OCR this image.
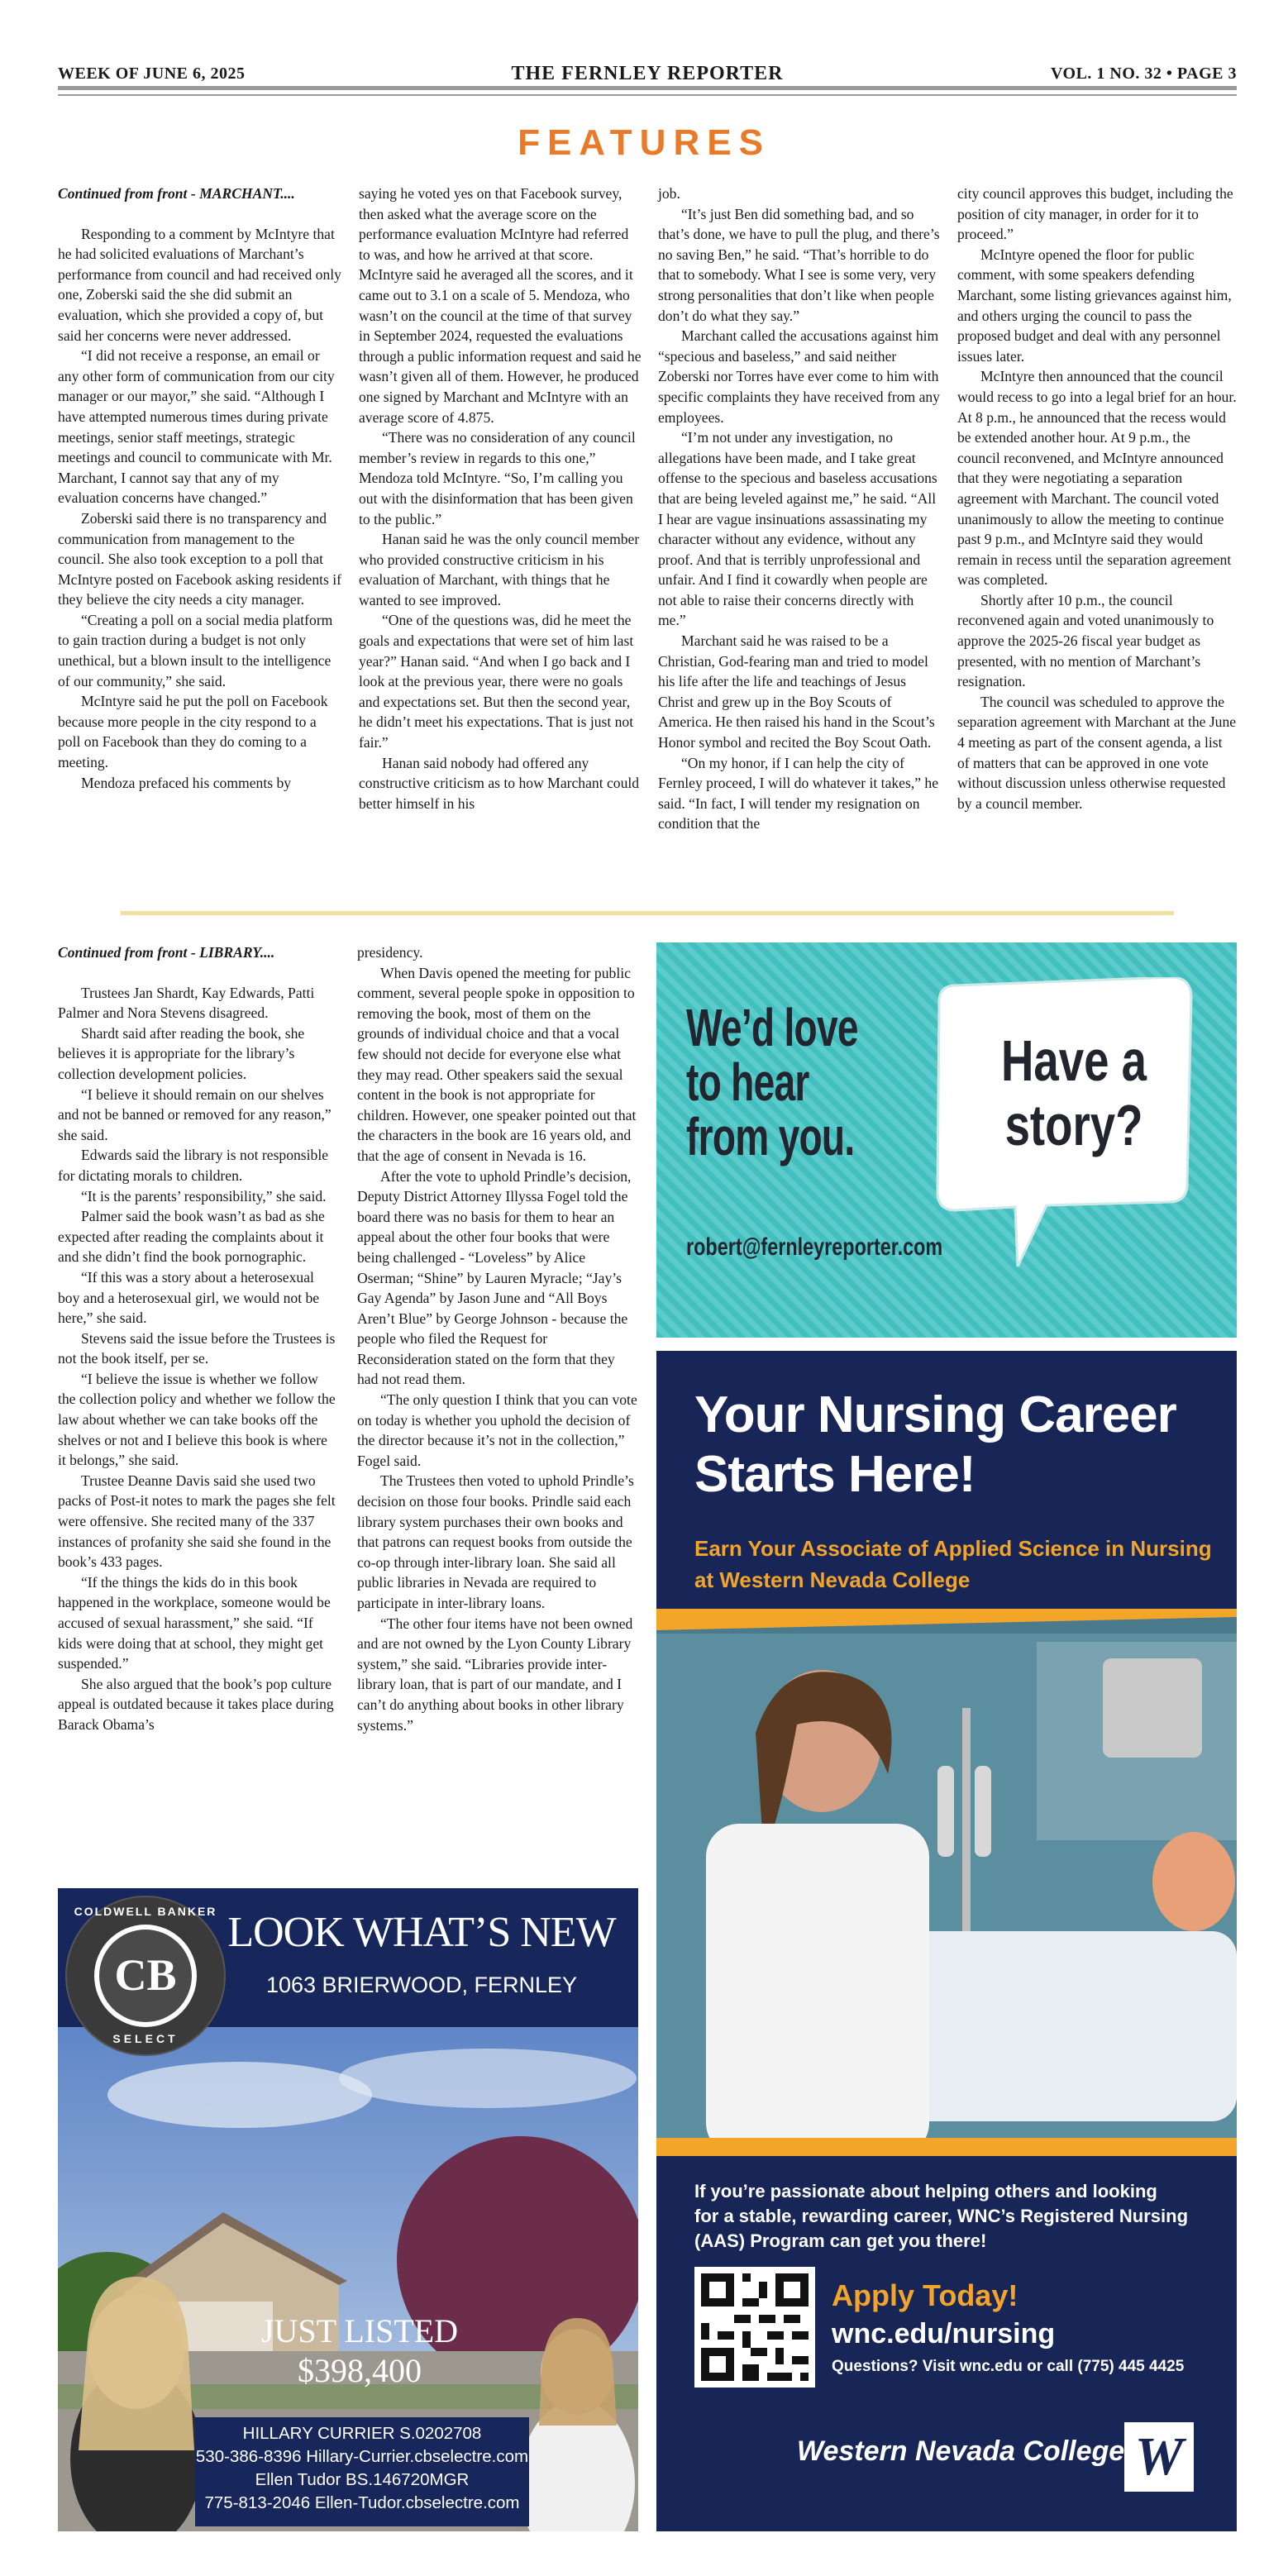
WEEK OF JUNE 6, 2025	THE FERNLEY REPORTER	VOL. 1 NO. 32 • PAGE 3
FEATURES

Continued from front - MARCHANT....

Responding to a comment by McIntyre that he had solicited evaluations of Marchant’s performance from council and had received only one, Zoberski said the she did submit an evaluation, which she provided a copy of, but said her concerns were never addressed.

“I did not receive a response, an email or any other form of communication from our city manager or our mayor,” she said. “Although I have attempted numerous times during private meetings, senior staff meetings, strategic meetings and council to communicate with Mr. Marchant, I cannot say that any of my evaluation concerns have changed.”

Zoberski said there is no transparency and communication from management to the council. She also took exception to a poll that McIntyre posted on Facebook asking residents if they believe the city needs a city manager.

“Creating a poll on a social media platform to gain traction during a budget is not only unethical, but a blown insult to the intelligence of our community,” she said.

McIntyre said he put the poll on Facebook because more people in the city respond to a poll on Facebook than they do coming to a meeting.

Mendoza prefaced his comments by

saying he voted yes on that Facebook survey, then asked what the average score on the performance evaluation McIntyre had referred to was, and how he arrived at that score. McIntyre said he averaged all the scores, and it came out to 3.1 on a scale of 5. Mendoza, who wasn’t on the council at the time of that survey in September 2024, requested the evaluations through a public information request and said he wasn’t given all of them. However, he produced one signed by Marchant and McIntyre with an average score of 4.875.

“There was no consideration of any council member’s review in regards to this one,” Mendoza told McIntyre. “So, I’m calling you out with the disinformation that has been given to the public.”

Hanan said he was the only council member who provided constructive criticism in his evaluation of Marchant, with things that he wanted to see improved.

“One of the questions was, did he meet the goals and expectations that were set of him last year?” Hanan said. “And when I go back and I look at the previous year, there were no goals and expectations set. But then the second year, he didn’t meet his expectations. That is just not fair.”

Hanan said nobody had offered any constructive criticism as to how Marchant could better himself in his

job.

“It’s just Ben did something bad, and so that’s done, we have to pull the plug, and there’s no saving Ben,” he said. “That’s horrible to do that to somebody. What I see is some very, very strong personalities that don’t like when people don’t do what they say.”

Marchant called the accusations against him “specious and baseless,” and said neither Zoberski nor Torres have ever come to him with specific complaints they have received from any employees.

“I’m not under any investigation, no allegations have been made, and I take great offense to the specious and baseless accusations that are being leveled against me,” he said. “All I hear are vague insinuations assassinating my character without any evidence, without any proof. And that is terribly unprofessional and unfair. And I find it cowardly when people are not able to raise their concerns directly with me.”

Marchant said he was raised to be a Christian, God-fearing man and tried to model his life after the life and teachings of Jesus Christ and grew up in the Boy Scouts of America. He then raised his hand in the Scout’s Honor symbol and recited the Boy Scout Oath.

“On my honor, if I can help the city of Fernley proceed, I will do whatever it takes,” he said. “In fact, I will tender my resignation on condition that the

city council approves this budget, including the position of city manager, in order for it to proceed.”

McIntyre opened the floor for public comment, with some speakers defending Marchant, some listing grievances against him, and others urging the council to pass the proposed budget and deal with any personnel issues later.

McIntyre then announced that the council would recess to go into a legal brief for an hour. At 8 p.m., he announced that the recess would be extended another hour. At 9 p.m., the council reconvened, and McIntyre announced that they were negotiating a separation agreement with Marchant. The council voted unanimously to allow the meeting to continue past 9 p.m., and McIntyre said they would remain in recess until the separation agreement was completed.

Shortly after 10 p.m., the council reconvened again and voted unanimously to approve the 2025-26 fiscal year budget as presented, with no mention of Marchant’s resignation.

The council was scheduled to approve the separation agreement with Marchant at the June 4 meeting as part of the consent agenda, a list of matters that can be approved in one vote without discussion unless otherwise requested by a council member.

Continued from front - LIBRARY....

Trustees Jan Shardt, Kay Edwards, Patti Palmer and Nora Stevens disagreed.

Shardt said after reading the book, she believes it is appropriate for the library’s collection development policies.

“I believe it should remain on our shelves and not be banned or removed for any reason,” she said.

Edwards said the library is not responsible for dictating morals to children.

“It is the parents’ responsibility,” she said.

Palmer said the book wasn’t as bad as she expected after reading the complaints about it and she didn’t find the book pornographic.

“If this was a story about a heterosexual boy and a heterosexual girl, we would not be here,” she said.

Stevens said the issue before the Trustees is not the book itself, per se.

“I believe the issue is whether we follow the collection policy and whether we follow the law about whether we can take books off the shelves or not and I believe this book is where it belongs,” she said.

Trustee Deanne Davis said she used two packs of Post-it notes to mark the pages she felt were offensive. She recited many of the 337 instances of profanity she said she found in the book’s 433 pages.

“If the things the kids do in this book happened in the workplace, someone would be accused of sexual harassment,” she said. “If kids were doing that at school, they might get suspended.”

She also argued that the book’s pop culture appeal is outdated because it takes place during Barack Obama’s

presidency.

When Davis opened the meeting for public comment, several people spoke in opposition to removing the book, most of them on the grounds of individual choice and that a vocal few should not decide for everyone else what they may read. Other speakers said the sexual content in the book is not appropriate for children. However, one speaker pointed out that the characters in the book are 16 years old, and that the age of consent in Nevada is 16.

After the vote to uphold Prindle’s decision, Deputy District Attorney Illyssa Fogel told the board there was no basis for them to hear an appeal about the other four books that were being challenged - “Loveless” by Alice Oserman; “Shine” by Lauren Myracle; “Jay’s Gay Agenda” by Jason June and “All Boys Aren’t Blue” by George Johnson - because the people who filed the Request for Reconsideration stated on the form that they had not read them.

“The only question I think that you can vote on today is whether you uphold the decision of the director because it’s not in the collection,” Fogel said.

The Trustees then voted to uphold Prindle’s decision on those four books. Prindle said each library system purchases their own books and that patrons can request books from outside the co-op through inter-library loan. She said all public libraries in Nevada are required to participate in inter-library loans.

“The other four items have not been owned and are not owned by the Lyon County Library system,” she said. “Libraries provide inter-library loan, that is part of our mandate, and I can’t do anything about books in other library systems.”

We’d love
to hear
from you.
Have a
story?
robert@fernleyreporter.com
Your Nursing Career
Starts Here!
Earn Your Associate of Applied Science in Nursing
at Western Nevada College
If you’re passionate about helping others and looking
for a stable, rewarding career, WNC’s Registered Nursing
(AAS) Program can get you there!
Apply Today!
wnc.edu/nursing
Questions? Visit wnc.edu or call (775) 445 4425
Western Nevada College W
COLDWELL BANKER
CB
SELECT
LOOK WHAT’S NEW
1063 BRIERWOOD, FERNLEY
JUST LISTED
$398,400
HILLARY CURRIER S.0202708
530-386-8396 Hillary-Currier.cbselectre.com
Ellen Tudor BS.146720MGR
775-813-2046 Ellen-Tudor.cbselectre.com
